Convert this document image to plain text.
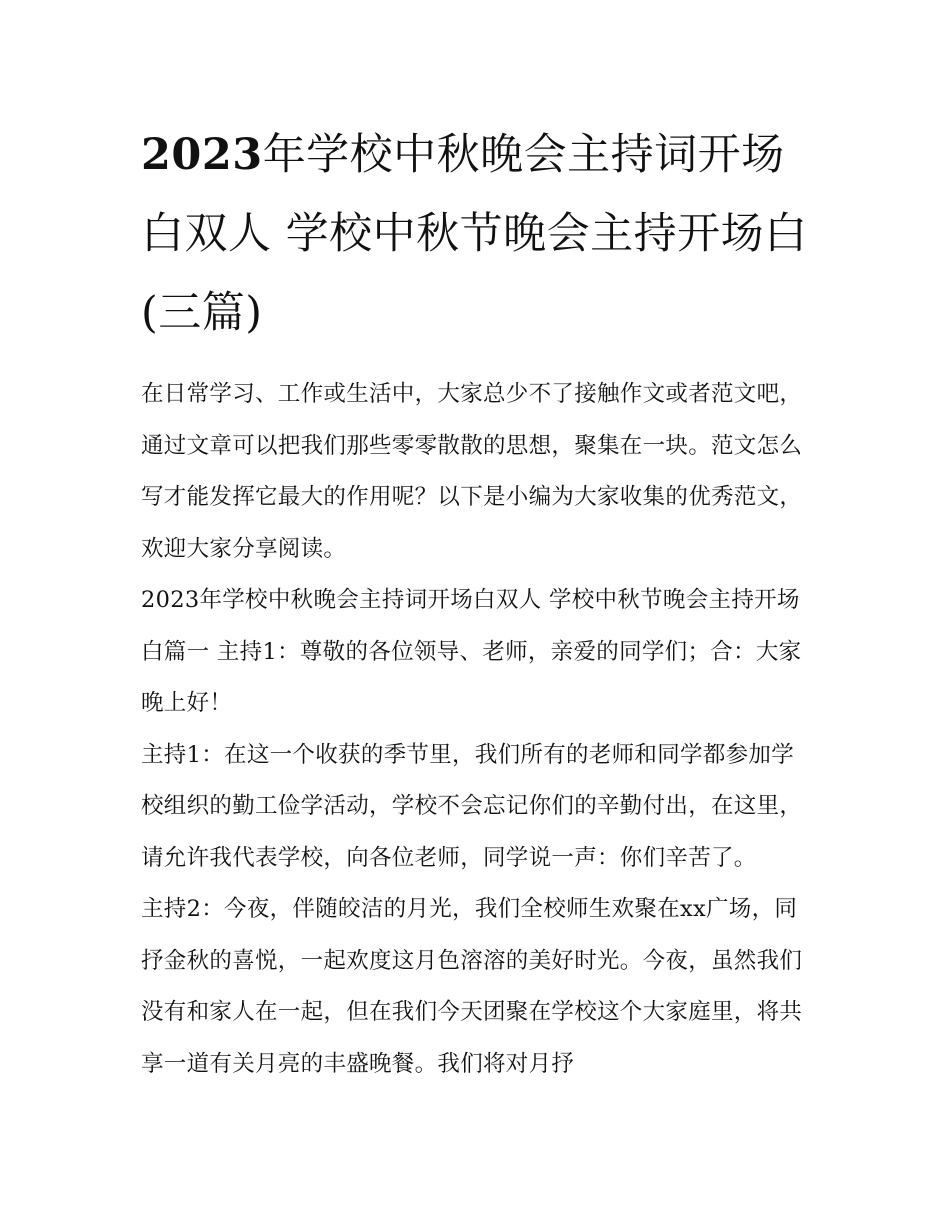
2023年学校中秋晚会主持词开场白双人 学校中秋节晚会主持开场白(三篇)

在日常学习、工作或生活中，大家总少不了接触作文或者范文吧，通过文章可以把我们那些零零散散的思想，聚集在一块。范文怎么写才能发挥它最大的作用呢？以下是小编为大家收集的优秀范文，欢迎大家分享阅读。

2023年学校中秋晚会主持词开场白双人 学校中秋节晚会主持开场白篇一 主持1：尊敬的各位领导、老师，亲爱的同学们；合：大家晚上好！

主持1：在这一个收获的季节里，我们所有的老师和同学都参加学校组织的勤工俭学活动，学校不会忘记你们的辛勤付出，在这里，请允许我代表学校，向各位老师，同学说一声：你们辛苦了。

主持2：今夜，伴随皎洁的月光，我们全校师生欢聚在xx广场，同抒金秋的喜悦，一起欢度这月色溶溶的美好时光。今夜，虽然我们没有和家人在一起，但在我们今天团聚在学校这个大家庭里，将共享一道有关月亮的丰盛晚餐。我们将对月抒
